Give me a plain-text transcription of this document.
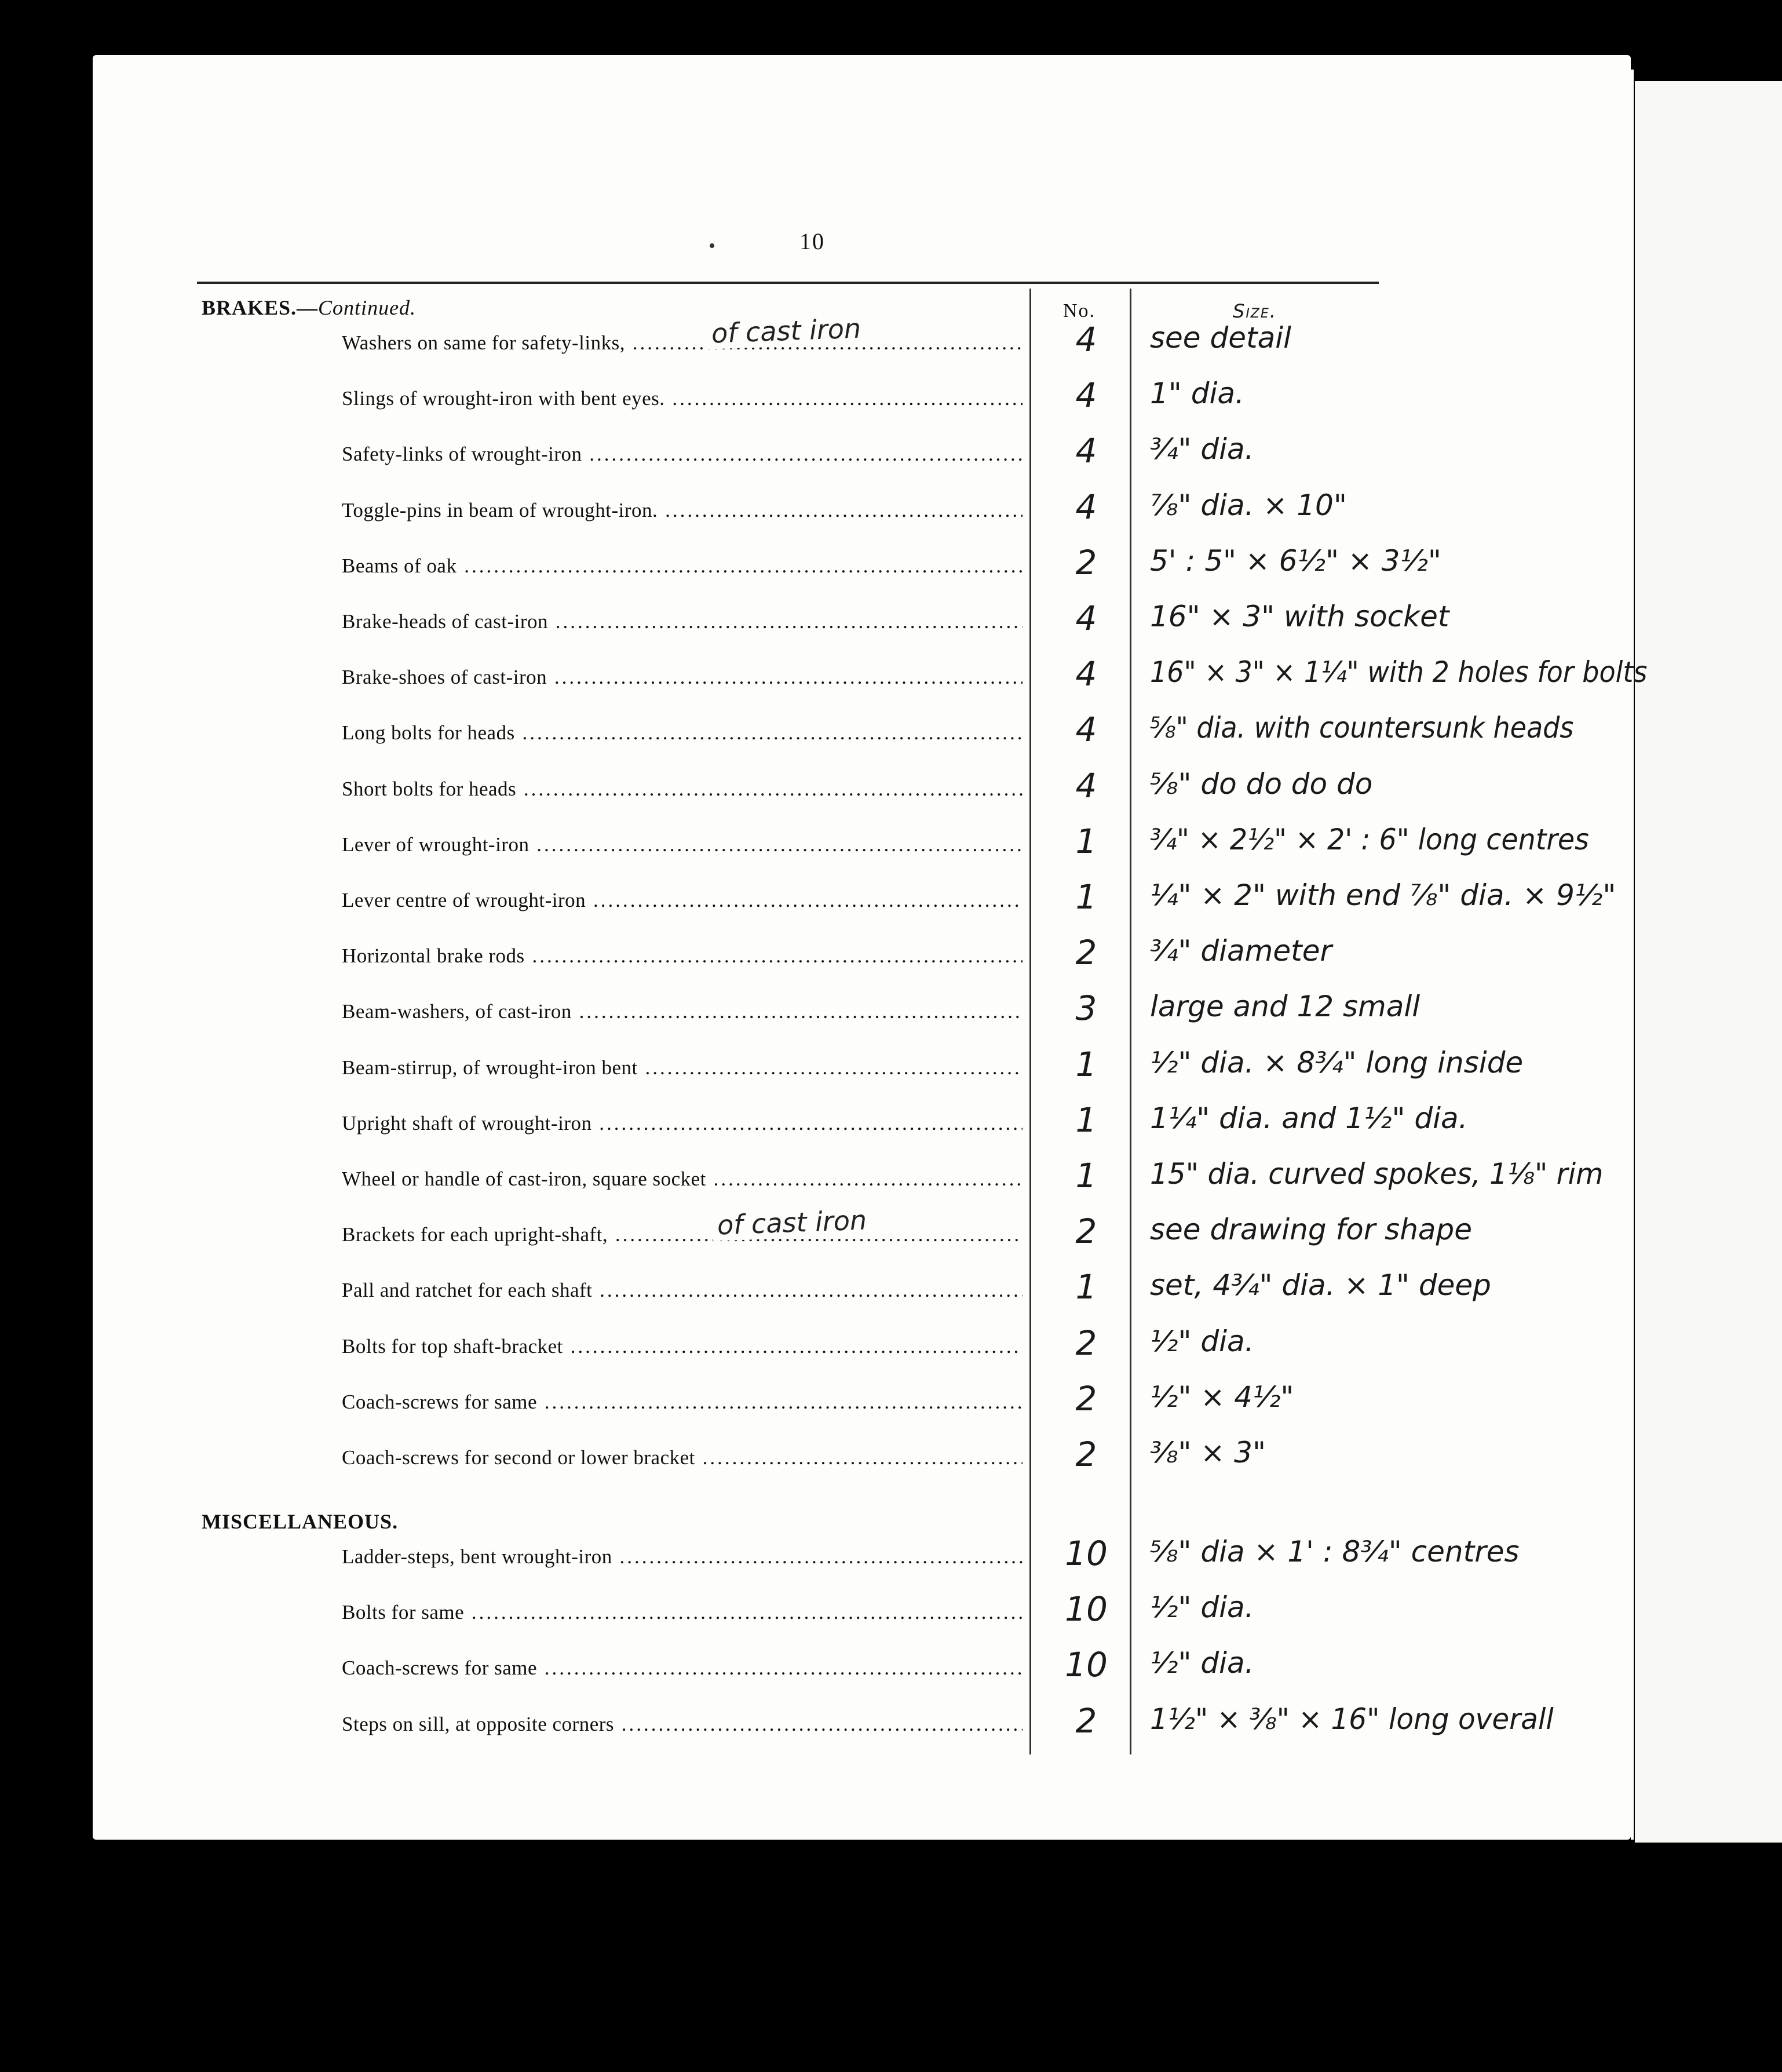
10
No.	Size.
BRAKES.—Continued.
Washers on same for safety-links, .....	of cast iron	4	see detail
Slings of wrought-iron with bent eyes. .....	4	1" dia.
Safety-links of wrought-iron .....	4	¾" dia.
Toggle-pins in beam of wrought-iron. .....	4	⅞" dia. × 10"
Beams of oak .....	2	5' : 5" × 6½" × 3½"
Brake-heads of cast-iron .....	4	16" × 3" with socket
Brake-shoes of cast-iron .....	4	16" × 3" × 1¼" with 2 holes for bolts
Long bolts for heads .....	4	⅝" dia. with countersunk heads
Short bolts for heads .....	4	⅝" do do do do
Lever of wrought-iron .....	1	¾" × 2½" × 2' : 6" long centres
Lever centre of wrought-iron .....	1	¼" × 2" with end ⅞" dia. × 9½"
Horizontal brake rods .....	2	¾" diameter
Beam-washers, of cast-iron .....	3	large and 12 small
Beam-stirrup, of wrought-iron bent .....	1	½" dia. × 8¾" long inside
Upright shaft of wrought-iron .....	1	1¼" dia. and 1½" dia.
Wheel or handle of cast-iron, square socket .....	1	15" dia. curved spokes, 1⅛" rim
Brackets for each upright-shaft, .....	of cast iron	2	see drawing for shape
Pall and ratchet for each shaft .....	1	set, 4¾" dia. × 1" deep
Bolts for top shaft-bracket .....	2	½" dia.
Coach-screws for same .....	2	½" × 4½"
Coach-screws for second or lower bracket .....	2	⅜" × 3"
MISCELLANEOUS.
Ladder-steps, bent wrought-iron .....	10	⅝" dia × 1' : 8¾" centres
Bolts for same .....	10	½" dia.
Coach-screws for same .....	10	½" dia.
Steps on sill, at opposite corners .....	2	1½" × ⅜" × 16" long overall
